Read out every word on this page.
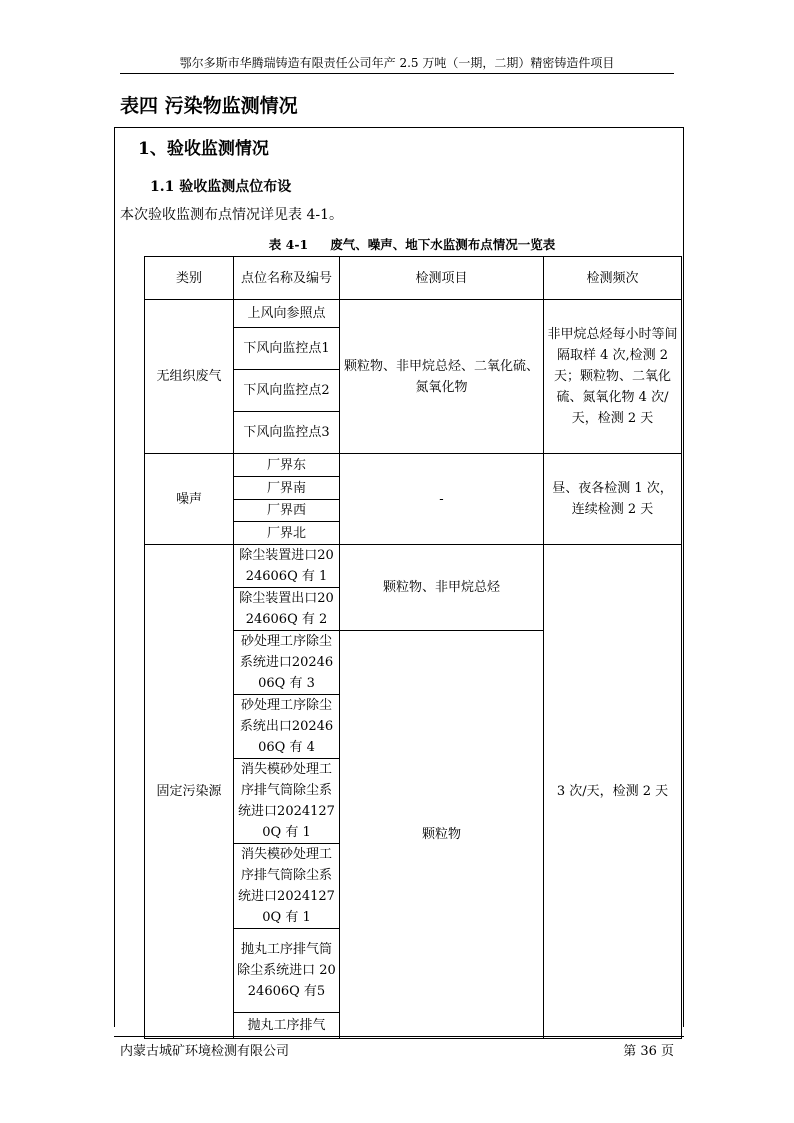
鄂尔多斯市华腾瑞铸造有限责任公司年产 2.5 万吨（一期，二期）精密铸造件项目
表四 污染物监测情况
1、验收监测情况
1.1 验收监测点位布设
本次验收监测布点情况详见表 4-1。
表 4-1 废气、噪声、地下水监测布点情况一览表
类别	点位名称及编号	检测项目	检测频次
无组织废气	上风向参照点	颗粒物、非甲烷总烃、二氧化硫、氮氧化物	非甲烷总烃每小时等间隔取样 4 次,检测 2 天；颗粒物、二氧化硫、氮氧化物 4 次/天，检测 2 天
	下风向监控点1		
	下风向监控点2		
	下风向监控点3		
噪声	厂界东	-	昼、夜各检测 1 次，连续检测 2 天
	厂界南		
	厂界西		
	厂界北		
固定污染源	除尘装置进口2024606Q 有 1	颗粒物、非甲烷总烃	3 次/天，检测 2 天
	除尘装置出口2024606Q 有 2		
	砂处理工序除尘系统进口2024606Q 有 3	颗粒物	
	砂处理工序除尘系统出口2024606Q 有 4		
	消失模砂处理工序排气筒除尘系统进口20241270Q 有 1		
	消失模砂处理工序排气筒除尘系统进口20241270Q 有 1		
	抛丸工序排气筒除尘系统进口 2024606Q 有5		
	抛丸工序排气		
内蒙古城矿环境检测有限公司	第 36 页
